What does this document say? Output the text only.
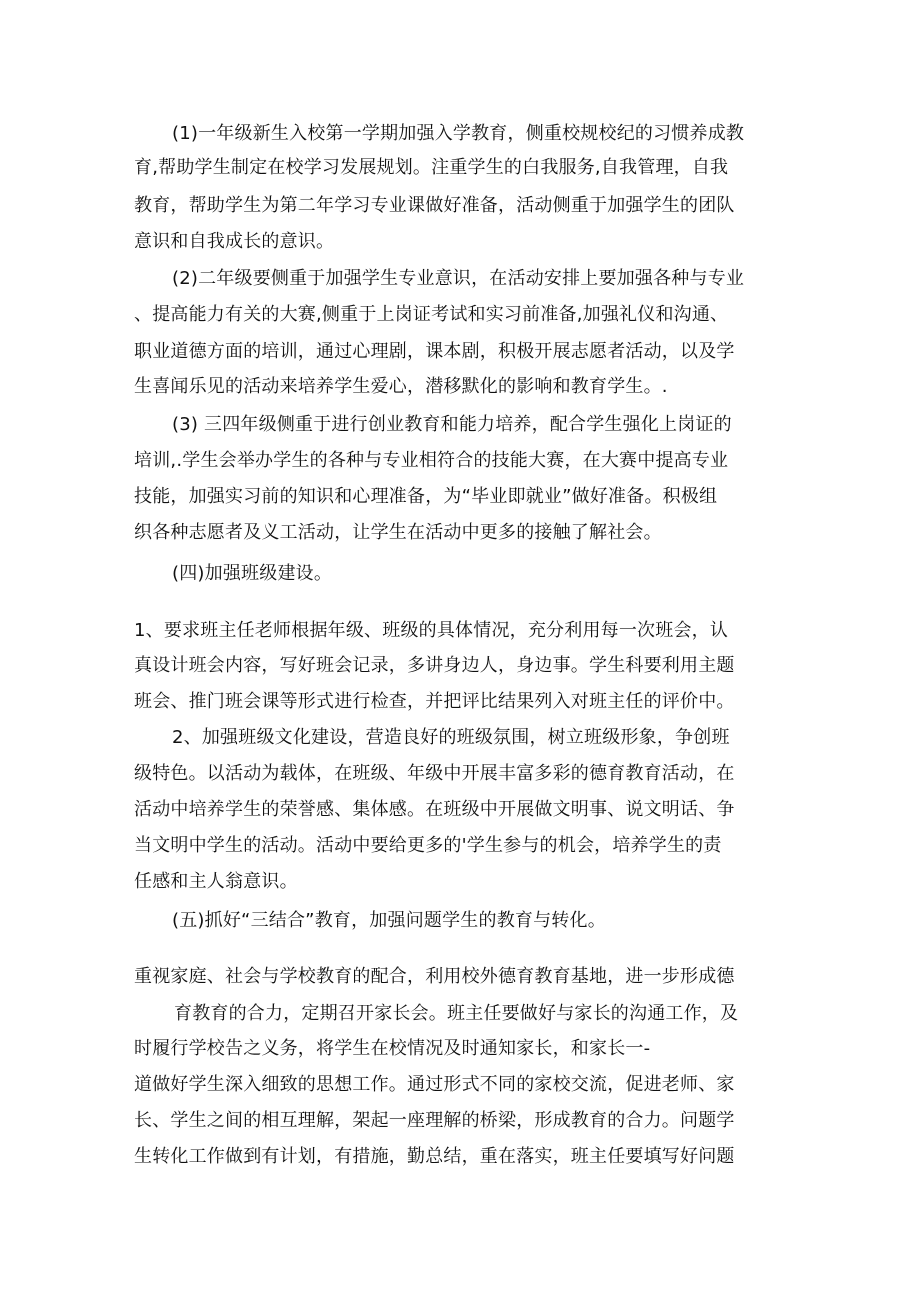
(1)一年级新生入校第一学期加强入学教育，侧重校规校纪的习惯养成教
育,帮助学生制定在校学习发展规划。注重学生的白我服务,自我管理，自我
教育，帮助学生为第二年学习专业课做好准备，活动侧重于加强学生的团队
意识和自我成长的意识。
(2)二年级要侧重于加强学生专业意识，在活动安排上要加强各种与专业
、提高能力有关的大赛,侧重于上岗证考试和实习前准备,加强礼仪和沟通、
职业道德方面的培训，通过心理剧，课本剧，积极开展志愿者活动，以及学
生喜闻乐见的活动来培养学生爱心，潜移默化的影响和教育学生。.
(3) 三四年级侧重于进行创业教育和能力培养，配合学生强化上岗证的
培训,.学生会举办学生的各种与专业相符合的技能大赛，在大赛中提高专业
技能，加强实习前的知识和心理准备，为“毕业即就业”做好准备。积极组
织各种志愿者及义工活动，让学生在活动中更多的接触了解社会。
(四)加强班级建设。
1、要求班主任老师根据年级、班级的具体情况，充分利用每一次班会，认
真设计班会内容，写好班会记录，多讲身边人，身边事。学生科要利用主题
班会、推门班会课等形式进行检查，并把评比结果列入对班主任的评价中。
2、加强班级文化建设，营造良好的班级氛围，树立班级形象，争创班
级特色。以活动为载体，在班级、年级中开展丰富多彩的德育教育活动，在
活动中培养学生的荣誉感、集体感。在班级中开展做文明事、说文明话、争
当文明中学生的活动。活动中要给更多的'学生参与的机会，培养学生的责
任感和主人翁意识。
(五)抓好“三结合”教育，加强问题学生的教育与转化。
重视家庭、社会与学校教育的配合，利用校外德育教育基地，进一步形成德
育教育的合力，定期召开家长会。班主任要做好与家长的沟通工作，及
时履行学校告之义务，将学生在校情况及时通知家长，和家长一-
道做好学生深入细致的思想工作。通过形式不同的家校交流，促进老师、家
长、学生之间的相互理解，架起一座理解的桥梁，形成教育的合力。问题学
生转化工作做到有计划，有措施，勤总结，重在落实，班主任要填写好问题
